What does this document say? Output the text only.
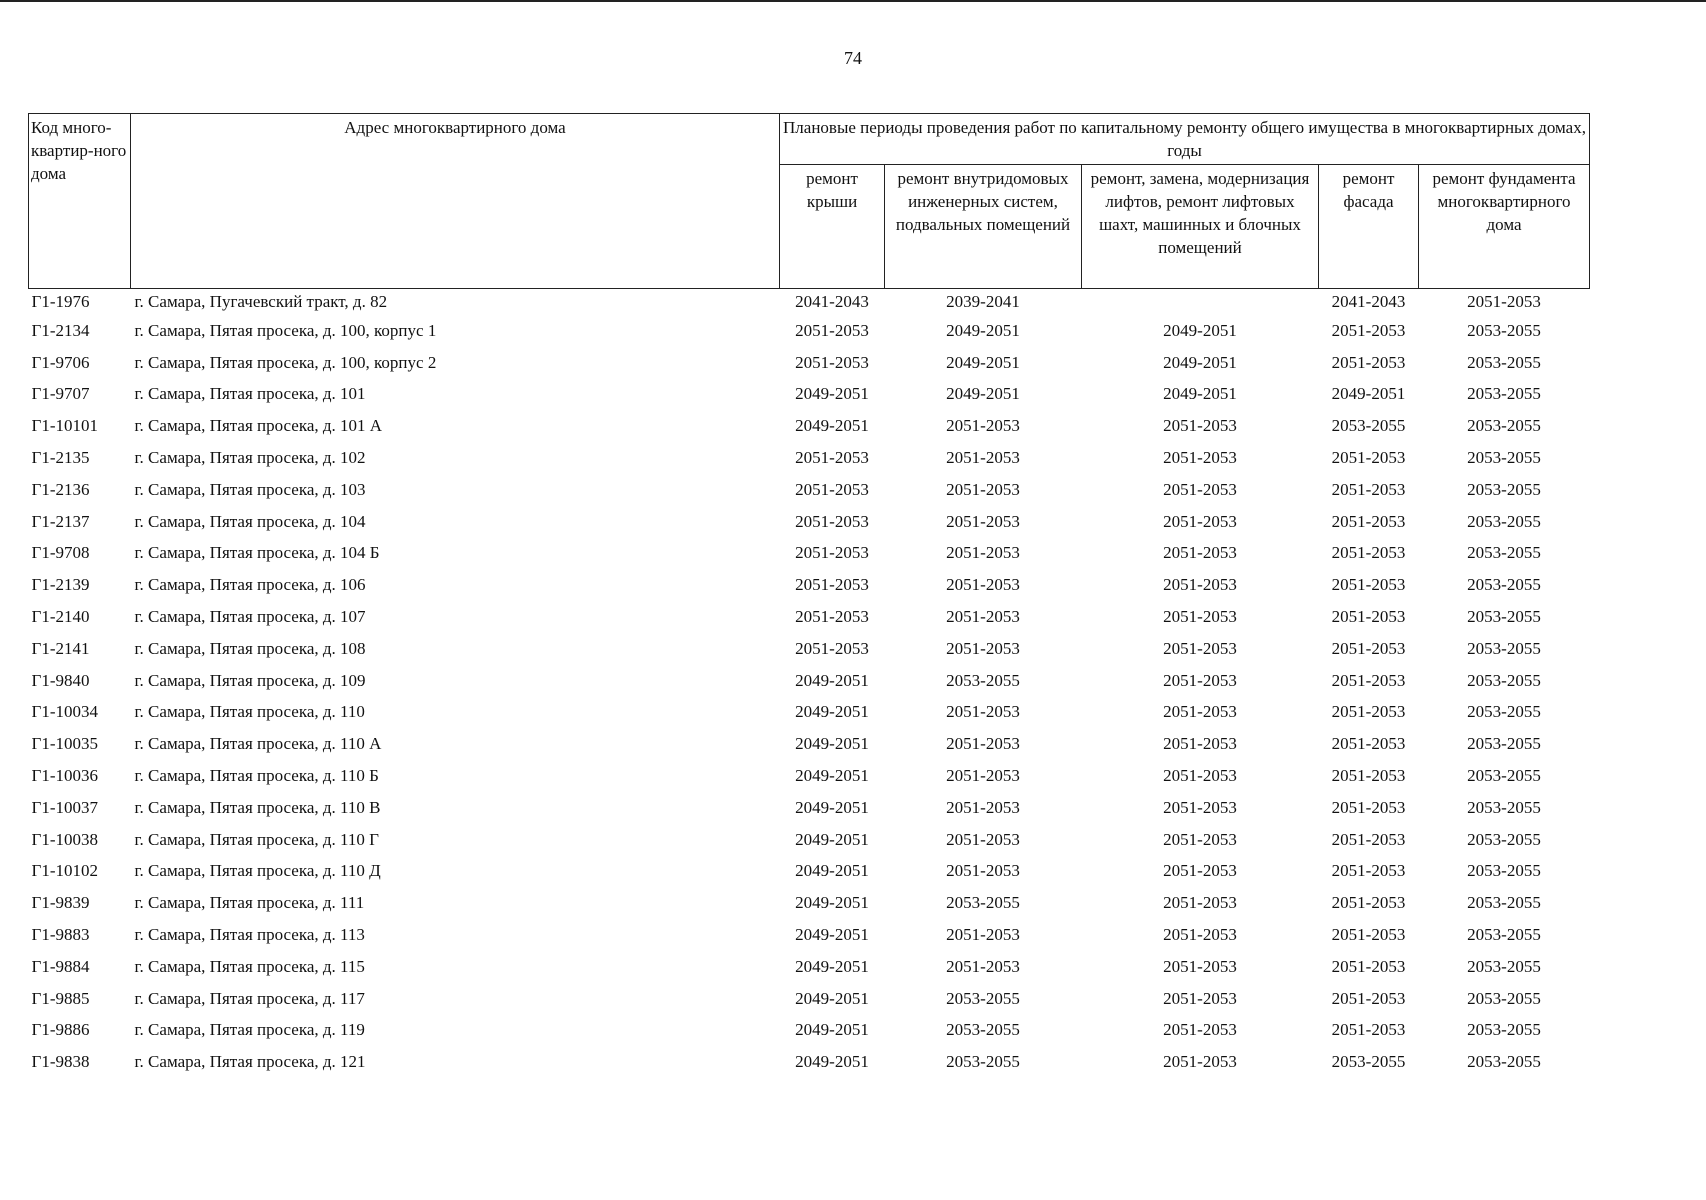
74
Код много-квартир-ного дома	Адрес многоквартирного дома	Плановые периоды проведения работ по капитальному ремонту общего имущества в многоквартирных домах, годы				
		ремонт крыши	ремонт внутридомовых инженерных систем, подвальных помещений	ремонт, замена, модернизация лифтов, ремонт лифтовых шахт, машинных и блочных помещений	ремонт фасада	ремонт фундамента многоквартирного дома
Г1-1976	г. Самара, Пугачевский тракт, д. 82	2041-2043	2039-2041		2041-2043	2051-2053
Г1-2134	г. Самара, Пятая просека, д. 100, корпус 1	2051-2053	2049-2051	2049-2051	2051-2053	2053-2055
Г1-9706	г. Самара, Пятая просека, д. 100, корпус 2	2051-2053	2049-2051	2049-2051	2051-2053	2053-2055
Г1-9707	г. Самара, Пятая просека, д. 101	2049-2051	2049-2051	2049-2051	2049-2051	2053-2055
Г1-10101	г. Самара, Пятая просека, д. 101 А	2049-2051	2051-2053	2051-2053	2053-2055	2053-2055
Г1-2135	г. Самара, Пятая просека, д. 102	2051-2053	2051-2053	2051-2053	2051-2053	2053-2055
Г1-2136	г. Самара, Пятая просека, д. 103	2051-2053	2051-2053	2051-2053	2051-2053	2053-2055
Г1-2137	г. Самара, Пятая просека, д. 104	2051-2053	2051-2053	2051-2053	2051-2053	2053-2055
Г1-9708	г. Самара, Пятая просека, д. 104 Б	2051-2053	2051-2053	2051-2053	2051-2053	2053-2055
Г1-2139	г. Самара, Пятая просека, д. 106	2051-2053	2051-2053	2051-2053	2051-2053	2053-2055
Г1-2140	г. Самара, Пятая просека, д. 107	2051-2053	2051-2053	2051-2053	2051-2053	2053-2055
Г1-2141	г. Самара, Пятая просека, д. 108	2051-2053	2051-2053	2051-2053	2051-2053	2053-2055
Г1-9840	г. Самара, Пятая просека, д. 109	2049-2051	2053-2055	2051-2053	2051-2053	2053-2055
Г1-10034	г. Самара, Пятая просека, д. 110	2049-2051	2051-2053	2051-2053	2051-2053	2053-2055
Г1-10035	г. Самара, Пятая просека, д. 110 А	2049-2051	2051-2053	2051-2053	2051-2053	2053-2055
Г1-10036	г. Самара, Пятая просека, д. 110 Б	2049-2051	2051-2053	2051-2053	2051-2053	2053-2055
Г1-10037	г. Самара, Пятая просека, д. 110 В	2049-2051	2051-2053	2051-2053	2051-2053	2053-2055
Г1-10038	г. Самара, Пятая просека, д. 110 Г	2049-2051	2051-2053	2051-2053	2051-2053	2053-2055
Г1-10102	г. Самара, Пятая просека, д. 110 Д	2049-2051	2051-2053	2051-2053	2051-2053	2053-2055
Г1-9839	г. Самара, Пятая просека, д. 111	2049-2051	2053-2055	2051-2053	2051-2053	2053-2055
Г1-9883	г. Самара, Пятая просека, д. 113	2049-2051	2051-2053	2051-2053	2051-2053	2053-2055
Г1-9884	г. Самара, Пятая просека, д. 115	2049-2051	2051-2053	2051-2053	2051-2053	2053-2055
Г1-9885	г. Самара, Пятая просека, д. 117	2049-2051	2053-2055	2051-2053	2051-2053	2053-2055
Г1-9886	г. Самара, Пятая просека, д. 119	2049-2051	2053-2055	2051-2053	2051-2053	2053-2055
Г1-9838	г. Самара, Пятая просека, д. 121	2049-2051	2053-2055	2051-2053	2053-2055	2053-2055
